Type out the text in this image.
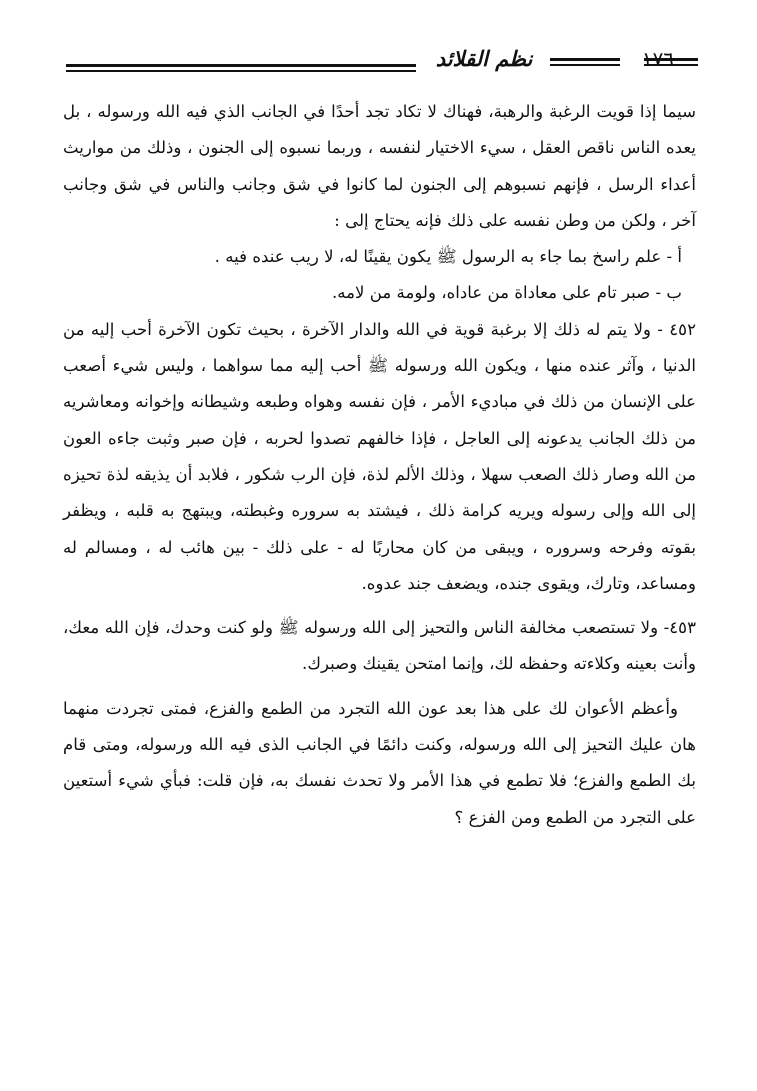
نظم القلائد	١٧٦

سيما إذا قويت الرغبة والرهبة، فهناك لا تكاد تجد أحدًا في الجانب الذي فيه الله ورسوله ، بل يعده الناس ناقص العقل ، سيء الاختيار لنفسه ، وربما نسبوه إلى الجنون ، وذلك من مواريث أعداء الرسل ، فإنهم نسبوهم إلى الجنون لما كانوا في شق وجانب والناس في شق وجانب آخر ، ولكن من وطن نفسه على ذلك فإنه يحتاج إلى :

أ - علم راسخ بما جاء به الرسول ﷺ يكون يقينًا له، لا ريب عنده فيه .

ب - صبر تام على معاداة من عاداه، ولومة من لامه.

٤٥٢ - ولا يتم له ذلك إلا برغبة قوية في الله والدار الآخرة ، بحيث تكون الآخرة أحب إليه من الدنيا ، وآثر عنده منها ، ويكون الله ورسوله ﷺ أحب إليه مما سواهما ، وليس شيء أصعب على الإنسان من ذلك في مباديء الأمر ، فإن نفسه وهواه وطبعه وشيطانه وإخوانه ومعاشريه من ذلك الجانب يدعونه إلى العاجل ، فإذا خالفهم تصدوا لحربه ، فإن صبر وثبت جاءه العون من الله وصار ذلك الصعب سهلا ، وذلك الألم لذة، فإن الرب شكور ، فلابد أن يذيقه لذة تحيزه إلى الله وإلى رسوله ويريه كرامة ذلك ، فيشتد به سروره وغبطته، ويبتهج به قلبه ، ويظفر بقوته وفرحه وسروره ، ويبقى من كان محاربًا له - على ذلك - بين هائب له ، ومسالم له ومساعد، وتارك، ويقوى جنده، ويضعف جند عدوه.

٤٥٣- ولا تستصعب مخالفة الناس والتحيز إلى الله ورسوله ﷺ ولو كنت وحدك، فإن الله معك، وأنت بعينه وكلاءته وحفظه لك، وإنما امتحن يقينك وصبرك.

وأعظم الأعوان لك على هذا بعد عون الله التجرد من الطمع والفزع، فمتى تجردت منهما هان عليك التحيز إلى الله ورسوله، وكنت دائمًا في الجانب الذى فيه الله ورسوله، ومتى قام بك الطمع والفزع؛ فلا تطمع في هذا الأمر ولا تحدث نفسك به، فإن قلت: فبأي شيء أستعين على التجرد من الطمع ومن الفزع ؟
